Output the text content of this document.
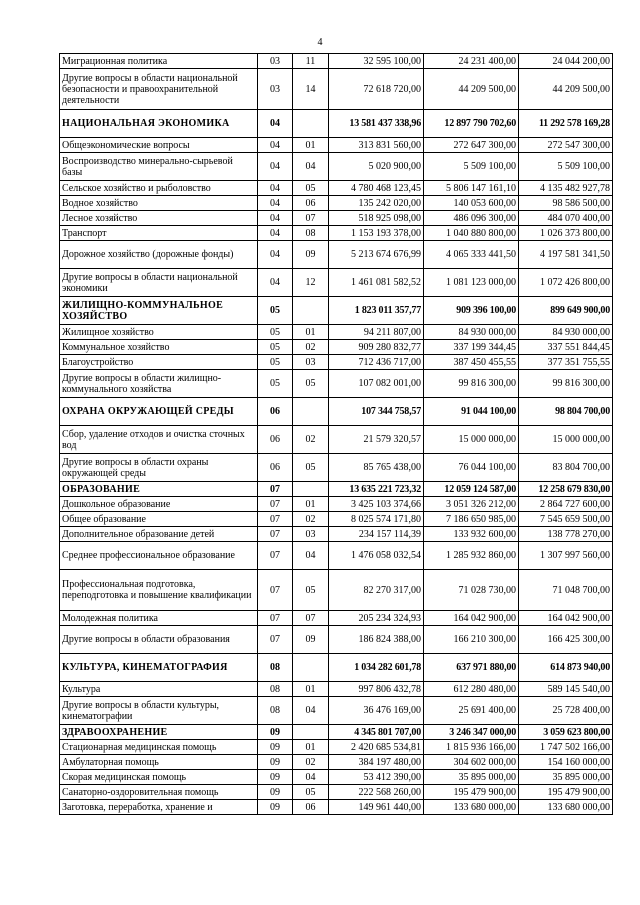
4
Миграционная политика	03	11	32 595 100,00	24 231 400,00	24 044 200,00
Другие вопросы в области национальной безопасности и правоохранительной деятельности	03	14	72 618 720,00	44 209 500,00	44 209 500,00
НАЦИОНАЛЬНАЯ ЭКОНОМИКА	04		13 581 437 338,96	12 897 790 702,60	11 292 578 169,28
Общеэкономические вопросы	04	01	313 831 560,00	272 647 300,00	272 547 300,00
Воспроизводство минерально-сырьевой базы	04	04	5 020 900,00	5 509 100,00	5 509 100,00
Сельское хозяйство и рыболовство	04	05	4 780 468 123,45	5 806 147 161,10	4 135 482 927,78
Водное хозяйство	04	06	135 242 020,00	140 053 600,00	98 586 500,00
Лесное хозяйство	04	07	518 925 098,00	486 096 300,00	484 070 400,00
Транспорт	04	08	1 153 193 378,00	1 040 880 800,00	1 026 373 800,00
Дорожное хозяйство (дорожные фонды)	04	09	5 213 674 676,99	4 065 333 441,50	4 197 581 341,50
Другие вопросы в области национальной экономики	04	12	1 461 081 582,52	1 081 123 000,00	1 072 426 800,00
ЖИЛИЩНО-КОММУНАЛЬНОЕ ХОЗЯЙСТВО	05		1 823 011 357,77	909 396 100,00	899 649 900,00
Жилищное хозяйство	05	01	94 211 807,00	84 930 000,00	84 930 000,00
Коммунальное хозяйство	05	02	909 280 832,77	337 199 344,45	337 551 844,45
Благоустройство	05	03	712 436 717,00	387 450 455,55	377 351 755,55
Другие вопросы в области жилищно-коммунального хозяйства	05	05	107 082 001,00	99 816 300,00	99 816 300,00
ОХРАНА ОКРУЖАЮЩЕЙ СРЕДЫ	06		107 344 758,57	91 044 100,00	98 804 700,00
Сбор, удаление отходов и очистка сточных вод	06	02	21 579 320,57	15 000 000,00	15 000 000,00
Другие вопросы в области охраны окружающей среды	06	05	85 765 438,00	76 044 100,00	83 804 700,00
ОБРАЗОВАНИЕ	07		13 635 221 723,32	12 059 124 587,00	12 258 679 830,00
Дошкольное образование	07	01	3 425 103 374,66	3 051 326 212,00	2 864 727 600,00
Общее образование	07	02	8 025 574 171,80	7 186 650 985,00	7 545 659 500,00
Дополнительное образование детей	07	03	234 157 114,39	133 932 600,00	138 778 270,00
Среднее профессиональное образование	07	04	1 476 058 032,54	1 285 932 860,00	1 307 997 560,00
Профессиональная подготовка, переподготовка и повышение квалификации	07	05	82 270 317,00	71 028 730,00	71 048 700,00
Молодежная политика	07	07	205 234 324,93	164 042 900,00	164 042 900,00
Другие вопросы в области образования	07	09	186 824 388,00	166 210 300,00	166 425 300,00
КУЛЬТУРА, КИНЕМАТОГРАФИЯ	08		1 034 282 601,78	637 971 880,00	614 873 940,00
Культура	08	01	997 806 432,78	612 280 480,00	589 145 540,00
Другие вопросы в области культуры, кинематографии	08	04	36 476 169,00	25 691 400,00	25 728 400,00
ЗДРАВООХРАНЕНИЕ	09		4 345 801 707,00	3 246 347 000,00	3 059 623 800,00
Стационарная медицинская помощь	09	01	2 420 685 534,81	1 815 936 166,00	1 747 502 166,00
Амбулаторная помощь	09	02	384 197 480,00	304 602 000,00	154 160 000,00
Скорая медицинская помощь	09	04	53 412 390,00	35 895 000,00	35 895 000,00
Санаторно-оздоровительная помощь	09	05	222 568 260,00	195 479 900,00	195 479 900,00
Заготовка, переработка, хранение и	09	06	149 961 440,00	133 680 000,00	133 680 000,00
